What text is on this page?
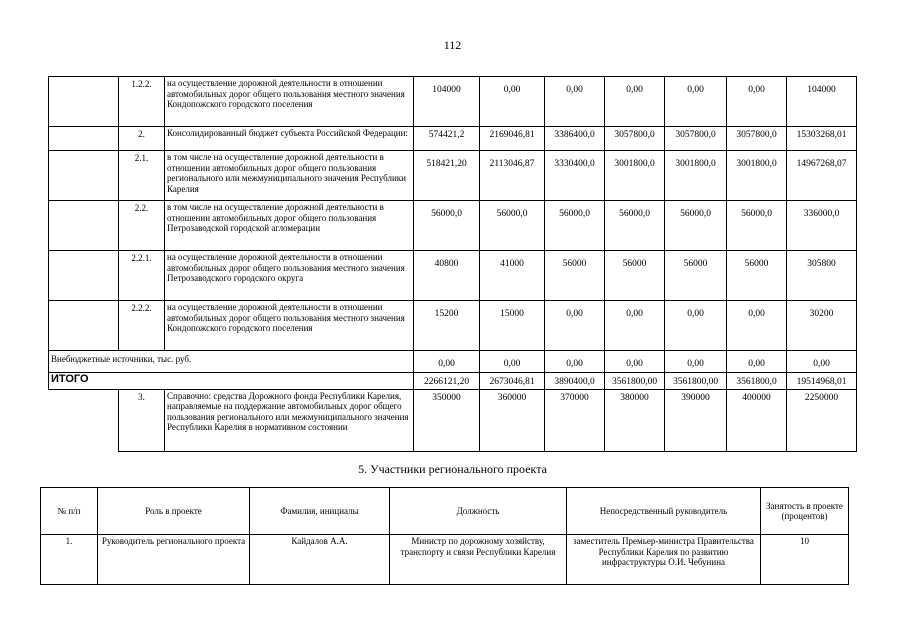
112
	1.2.2.	на осуществление дорожной деятельности в отношении автомобильных дорог общего пользования местного значения Кондопожского городского поселения	104000	0,00	0,00	0,00	0,00	0,00	104000
	2.	Консолидированный бюджет субъекта Российской Федерации:	574421,2	2169046,81	3386400,0	3057800,0	3057800,0	3057800,0	15303268,01
	2.1.	в том числе на осуществление дорожной деятельности в отношении автомобильных дорог общего пользования регионального или межмуниципального значения Республики Карелия	518421,20	2113046,87	3330400,0	3001800,0	3001800,0	3001800,0	14967268,07
	2.2.	в том числе на осуществление дорожной деятельности в отношении автомобильных дорог общего пользования Петрозаводской городской агломерации	56000,0	56000,0	56000,0	56000,0	56000,0	56000,0	336000,0
	2.2.1.	на осуществление дорожной деятельности в отношении автомобильных дорог общего пользования местного значения Петрозаводского городского округа	40800	41000	56000	56000	56000	56000	305800
	2.2.2.	на осуществление дорожной деятельности в отношении автомобильных дорог общего пользования местного значения Кондопожского городского поселения	15200	15000	0,00	0,00	0,00	0,00	30200
Внебюджетные источники, тыс. руб.			0,00	0,00	0,00	0,00	0,00	0,00	0,00
ИТОГО			2266121,20	2673046,81	3890400,0	3561800,00	3561800,00	3561800,0	19514968,01
	3.	Справочно: средства Дорожного фонда Республики Карелия, направляемые на поддержание автомобильных дорог общего пользования регионального или межмуниципального значения Республики Карелия в нормативном состоянии	350000	360000	370000	380000	390000	400000	2250000
5. Участники регионального проекта
№ п/п	Роль в проекте	Фамилия, инициалы	Должность	Непосредственный руководитель	Занятость в проекте (процентов)
1.	Руководитель регионального проекта	Кайдалов А.А.	Министр по дорожному хозяйству, транспорту и связи Республики Карелия	заместитель Премьер-министра Правительства Республики Карелия по развитию инфраструктуры О.И. Чебунина	10
